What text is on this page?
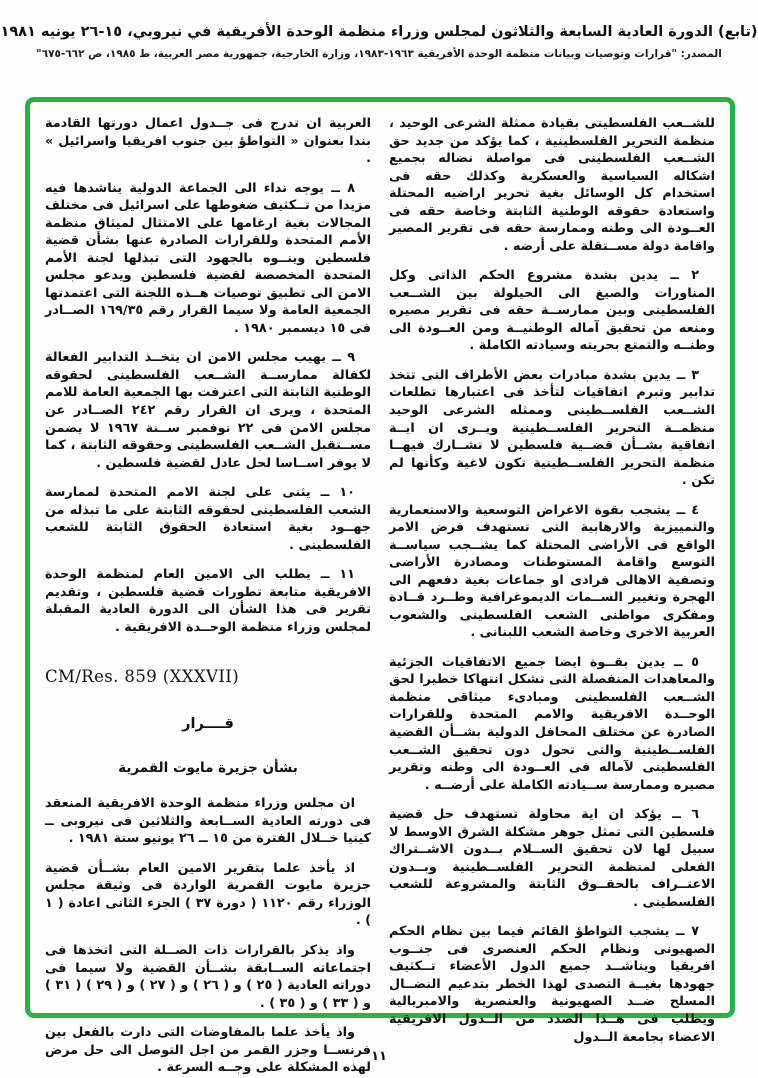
(تابع) الدورة العادية السابعة والثلاثون لمجلس وزراء منظمة الوحدة الأفريقية في نيروبي، ١٥-٢٦ يونيه ١٩٨١
المصدر: "قرارات وتوصيات وبيانات منظمة الوحدة الأفريقية ١٩٦٣-١٩٨٣، وزارة الخارجية، جمهورية مصر العربية، ط ١٩٨٥، ص ٦٦٢-٦٧٥"

للشــعب الفلسطينى بقيادة ممثلة الشرعى الوحيد ، منظمة التحرير الفلسطينية ، كما يؤكد من جديد حق الشــعب الفلسطينى فى مواصلة نضاله بجميع اشكاله السياسية والعسكرية وكذلك حقه فى استخدام كل الوسائل بغية تحرير اراضيه المحتلة واستعادة حقوقه الوطنية الثابتة وخاصة حقه فى العــودة الى وطنه وممارسة حقه فى تقرير المصير واقامة دولة مســتقلة على أرضه .

٢ ــ يدين بشدة مشروع الحكم الذاتى وكل المناورات والصيغ الى الحيلولة بين الشــعب الفلسطينى وبين ممارســة حقه فى تقرير مصيره ومنعه من تحقيق آماله الوطنيــة ومن العــودة الى وطنــه والتمتع بحريته وسيادته الكاملة .

٣ ــ يدين بشدة مبادرات بعض الأطراف التى تتخذ تدابير وتبرم اتفاقيات لتأخذ فى اعتبارها تطلعات الشــعب الفلســطينى وممثله الشرعى الوحيد منظمــة التحرير الفلســطينية ويــرى ان ايــة اتفاقية بشــأن قضــية فلسطين لا تشــارك فيهــا منظمة التحرير الفلســطينية تكون لاغية وكأنها لم تكن .

٤ ــ يشجب بقوة الاغراض التوسعية والاستعمارية والتمييزية والارهابية التى تستهدف فرض الامر الواقع فى الأراضى المحتلة كما يشــجب سياســة التوسع واقامة المستوطنات ومصادرة الأراضى وتصفية الاهالى فرادى او جماعات بغية دفعهم الى الهجرة وتغيير الســمات الديموغرافية وطــرد قــادة ومفكرى مواطنى الشعب الفلسطينى والشعوب العربية الاخرى وخاصة الشعب اللبنانى .

٥ ــ يدين بقــوة ايضا جميع الاتفاقيات الجزئية والمعاهدات المنفصلة التى تشكل انتهاكا خطيرا لحق الشــعب الفلسطينى ومبادىء ميثاقى منظمة الوحــدة الافريقية والامم المتحدة وللقرارات الصادرة عن مختلف المحافل الدولية بشــأن القضية الفلســطينية والتى تحول دون تحقيق الشــعب الفلسطينى لآماله فى العــودة الى وطنه وتقرير مصيره وممارسة ســيادته الكاملة على أرضــه .

٦ ــ يؤكد ان اية محاولة تستهدف حل قضية فلسطين التى تمثل جوهر مشكلة الشرق الاوسط لا سبيل لها لان تحقيق الســلام بــدون الاشــتراك الفعلى لمنظمة التحرير الفلســطينية وبــدون الاعتــراف بالحقــوق الثابتة والمشروعة للشعب الفلسطينى .

٧ ــ يشجب التواطؤ القائم فيما بين نظام الحكم الصهيونى ونظام الحكم العنصرى فى جنــوب افريقيا ويناشــد جميع الدول الأعضاء تــكثيف جهودها بغيــة التصدى لهذا الخطر بتدعيم النضــال المسلح ضــد الصهيونية والعنصرية والامبريالية ويطلب فى هــذا الصدد من الــدول الافريقية الاعضاء بجامعة الــدول

العربية ان تدرج فى جــدول اعمال دورتها القادمة بندا بعنوان « التواطؤ بين جنوب افريقيا واسرائيل » .

٨ ــ يوجه نداء الى الجماعة الدولية يناشدها فيه مزيدا من تــكثيف ضغوطها على اسرائيل فى مختلف المجالات بغية ارغامها على الامتثال لميثاق منظمة الأمم المتحدة وللقرارات الصادرة عنها بشأن قضية فلسطين وينــوه بالجهود التى تبذلها لجنة الأمم المتحدة المخصصة لقضية فلسطين ويدعو مجلس الامن الى تطبيق توصيات هــذه اللجنة التى اعتمدتها الجمعية العامة ولا سيما القرار رقم ١٦٩/٣٥ الصــادر فى ١٥ ديسمبر ١٩٨٠ .

٩ ــ يهيب مجلس الامن ان يتخــذ التدابير الفعالة لكفالة ممارســة الشــعب الفلسطينى لحقوقه الوطنية الثابتة التى اعترفت بها الجمعية العامة للامم المتحدة ، ويرى ان القرار رقم ٢٤٢ الصــادر عن مجلس الامن فى ٢٢ نوفمبر ســنة ١٩٦٧ لا يضمن مســتقبل الشــعب الفلسطينى وحقوقه الثابتة ، كما لا يوفر اســاسا لحل عادل لقضية فلسطين .

١٠ ــ يثنى على لجنة الامم المتحدة لممارسة الشعب الفلسطينى لحقوقه الثابتة على ما تبذله من جهــود بغية استعادة الحقوق الثابتة للشعب الفلسطينى .

١١ ــ يطلب الى الامين العام لمنظمة الوحدة الافريقية متابعة تطورات قضية فلسطين ، وتقديم تقرير فى هذا الشأن الى الدورة العادية المقبلة لمجلس وزراء منظمة الوحــدة الافريقية .

CM/Res. 859 (XXXVII)
قــــرار
بشأن جزيرة مايوت القمرية

ان مجلس وزراء منظمة الوحدة الافريقية المنعقد فى دورته العادية الســابعة والثلاثين فى نيروبى ــ كينيا خــلال الفترة من ١٥ ــ ٢٦ يونيو سنة ١٩٨١ .

اذ يأخذ علما بتقرير الامين العام بشــأن قضية جزيرة مايوت القمرية الواردة فى وثيقة مجلس الوزراء رقم ١١٢٠ ( دورة ٣٧ ) الجزء الثانى اعادة ( ١ ) .

واذ يذكر بالقرارات ذات الصــلة التى اتخذها فى اجتماعاته الســابقة بشــأن القضية ولا سيما فى دوراته العادية ( ٢٥ ) و ( ٢٦ ) و ( ٢٧ ) و ( ٢٩ ) ( ٣١ ) و ( ٣٣ ) و ( ٣٥ ) .

واذ يأخذ علما بالمفاوضات التى دارت بالفعل بين فرنســا وجزر القمر من اجل التوصل الى حل مرض لهذه المشكلة على وجــه السرعة .

١١
